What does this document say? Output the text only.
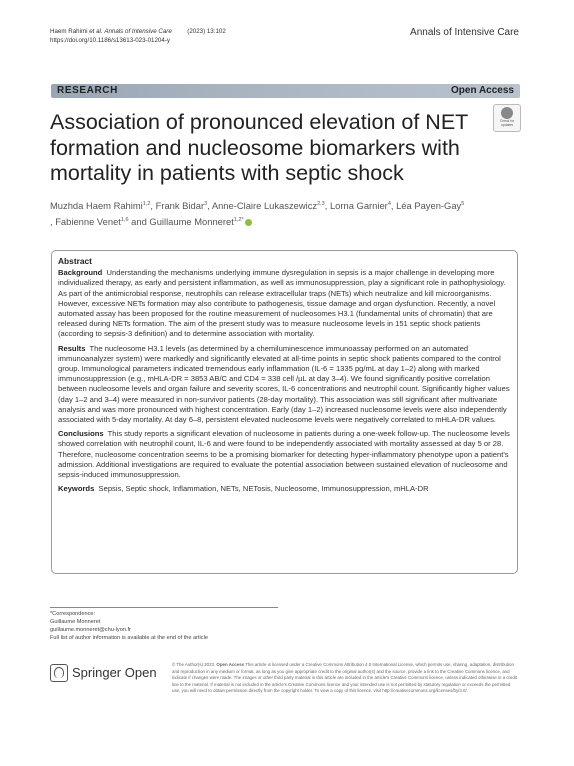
Haem Rahimi et al. Annals of Intensive Care (2023) 13:102
https://doi.org/10.1186/s13613-023-01204-y
Annals of Intensive Care
RESEARCH	Open Access
Check for
updates
Association of pronounced elevation of NET formation and nucleosome biomarkers with mortality in patients with septic shock
Muzhda Haem Rahimi$^{1,2}$, Frank Bidar$^3$, Anne‑Claire Lukaszewicz$^{2,3}$, Lorna Garnier$^4$, Léa Payen‑Gay$^5$
, Fabienne Venet$^{1,6}$ and Guillaume Monneret$^{1,2*}$
Abstract

Background Understanding the mechanisms underlying immune dysregulation in sepsis is a major challenge in developing more individualized therapy, as early and persistent inflammation, as well as immunosuppression, play a significant role in pathophysiology. As part of the antimicrobial response, neutrophils can release extracellular traps (NETs) which neutralize and kill microorganisms. However, excessive NETs formation may also contribute to pathogenesis, tissue damage and organ dysfunction. Recently, a novel automated assay has been proposed for the routine measurement of nucleosomes H3.1 (fundamental units of chromatin) that are released during NETs formation. The aim of the present study was to measure nucleosome levels in 151 septic shock patients (according to sepsis-3 definition) and to determine association with mortality.

Results The nucleosome H3.1 levels (as determined by a chemiluminescence immunoassay performed on an automated immunoanalyzer system) were markedly and significantly elevated at all-time points in septic shock patients compared to the control group. Immunological parameters indicated tremendous early inflammation (IL-6 = 1335 pg/mL at day 1–2) along with marked immunosuppression (e.g., mHLA-DR = 3853 AB/C and CD4 = 338 cell /µL at day 3–4). We found significantly positive correlation between nucleosome levels and organ failure and severity scores, IL-6 concentrations and neutrophil count. Significantly higher values (day 1–2 and 3–4) were measured in non-survivor patients (28-day mortality). This association was still significant after multivariate analysis and was more pronounced with highest concentration. Early (day 1–2) increased nucleosome levels were also independently associated with 5-day mortality. At day 6–8, persistent elevated nucleosome levels were negatively correlated to mHLA-DR values.

Conclusions This study reports a significant elevation of nucleosome in patients during a one-week follow-up. The nucleosome levels showed correlation with neutrophil count, IL-6 and were found to be independently associated with mortality assessed at day 5 or 28. Therefore, nucleosome concentration seems to be a promising biomarker for detecting hyper-inflammatory phenotype upon a patient's admission. Additional investigations are required to evaluate the potential association between sustained elevation of nucleosome and sepsis-induced immunosuppression.

Keywords Sepsis, Septic shock, Inflammation, NETs, NETosis, Nucleosome, Immunosuppression, mHLA-DR

*Correspondence:
Guillaume Monneret
guillaume.monneret@chu-lyon.fr
Full list of author information is available at the end of the article
Springer Open
© The Author(s) 2023. Open Access This article is licensed under a Creative Commons Attribution 4.0 International License, which permits use, sharing, adaptation, distribution and reproduction in any medium or format, as long as you give appropriate credit to the original author(s) and the source, provide a link to the Creative Commons licence, and indicate if changes were made. The images or other third party material in this article are included in the article's Creative Commons licence, unless indicated otherwise in a credit line to the material. If material is not included in the article's Creative Commons licence and your intended use is not permitted by statutory regulation or exceeds the permitted use, you will need to obtain permission directly from the copyright holder. To view a copy of this licence, visit http://creativecommons.org/licenses/by/4.0/.
